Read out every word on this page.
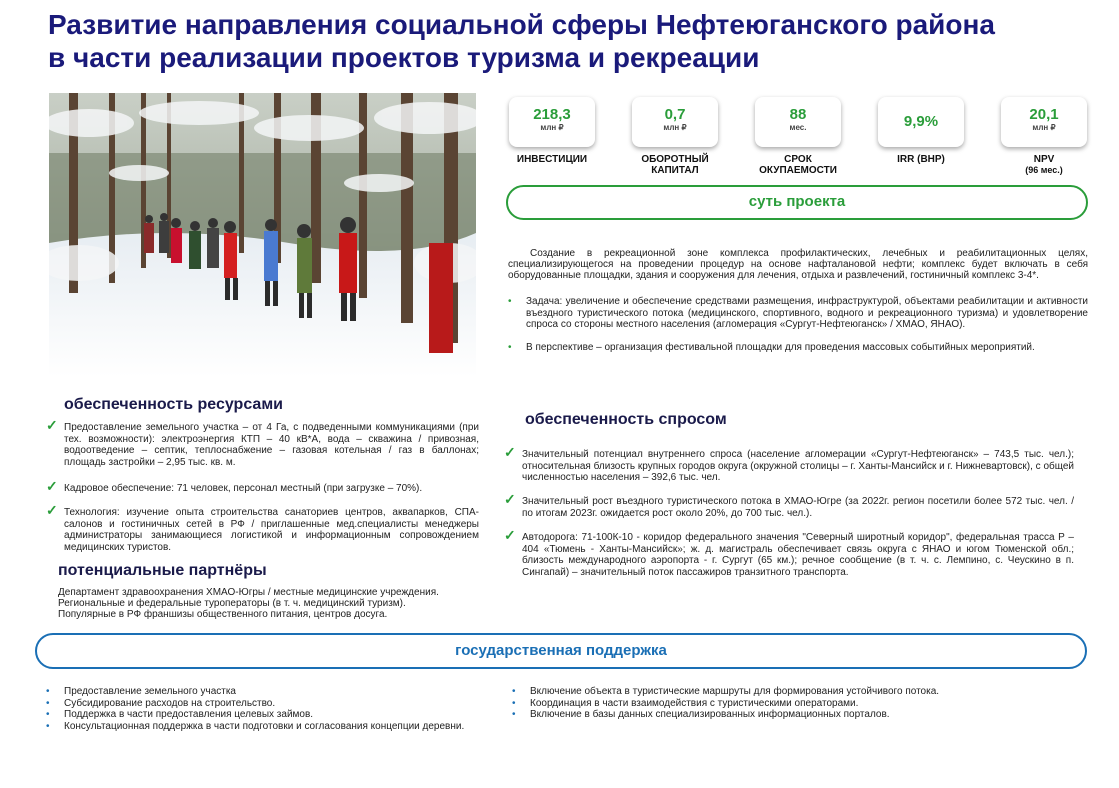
Развитие направления социальной сферы Нефтеюганского района
в части реализации проектов туризма и рекреации
218,3
млн ₽
ИНВЕСТИЦИИ
0,7
млн ₽
ОБОРОТНЫЙ КАПИТАЛ
88
мес.
СРОК ОКУПАЕМОСТИ
9,9%
IRR (ВНР)
20,1
млн ₽
NPV
(96 мес.)
суть проекта
Создание в рекреационной зоне комплекса профилактических, лечебных и реабилитационных целях, специализирующегося на проведении процедур на основе нафталановой нефти; комплекс будет включать в себя оборудованные площадки, здания и сооружения для лечения, отдыха и развлечений, гостиничный комплекс 3-4*.
• Задача: увеличение и обеспечение средствами размещения, инфраструктурой, объектами реабилитации и активности въездного туристического потока (медицинского, спортивного, водного и рекреационного туризма) и удовлетворение спроса со стороны местного населения (агломерация «Сургут-Нефтеюганск» / ХМАО, ЯНАО).
• В перспективе – организация фестивальной площадки для проведения массовых событийных мероприятий.
обеспеченность ресурсами
✓ Предоставление земельного участка – от 4 Га, с подведенными коммуникациями (при тех. возможности): электроэнергия КТП – 40 кВ*А, вода – скважина / привозная, водоотведение – септик, теплоснабжение – газовая котельная / газ в баллонах; площадь застройки – 2,95 тыс. кв. м.
✓ Кадровое обеспечение: 71 человек, персонал местный (при загрузке – 70%).
✓ Технология: изучение опыта строительства санаториев центров, аквапарков, СПА-салонов и гостиничных сетей в РФ / приглашенные мед.специалисты менеджеры администраторы занимающиеся логистикой и информационным сопровождением медицинских туристов.
обеспеченность спросом
✓ Значительный потенциал внутреннего спроса (население агломерации «Сургут-Нефтеюганск» – 743,5 тыс. чел.); относительная близость крупных городов округа (окружной столицы – г. Ханты-Мансийск и г. Нижневартовск), с общей численностью населения – 392,6 тыс. чел.
✓ Значительный рост въездного туристического потока в ХМАО-Югре (за 2022г. регион посетили более 572 тыс. чел. / по итогам 2023г. ожидается рост около 20%, до 700 тыс. чел.).
✓ Автодорога: 71-100К-10 - коридор федерального значения "Северный широтный коридор", федеральная трасса Р – 404 «Тюмень - Ханты-Мансийск»; ж. д. магистраль обеспечивает связь округа с ЯНАО и югом Тюменской обл.; близость международного аэропорта - г. Сургут (65 км.); речное сообщение (в т. ч. с. Лемпино, с. Чеускино в п. Сингапай) – значительный поток пассажиров транзитного транспорта.
потенциальные партнёры
Департамент здравоохранения ХМАО-Югры / местные медицинские учреждения.
Региональные и федеральные туроператоры (в т. ч. медицинский туризм).
Популярные в РФ франшизы общественного питания, центров досуга.
государственная поддержка
• Предоставление земельного участка
• Субсидирование расходов на строительство.
• Поддержка в части предоставления целевых займов.
• Консультационная поддержка в части подготовки и согласования концепции деревни.
• Включение объекта в туристические маршруты для формирования устойчивого потока.
• Координация в части взаимодействия с туристическими операторами.
• Включение в базы данных специализированных информационных порталов.
